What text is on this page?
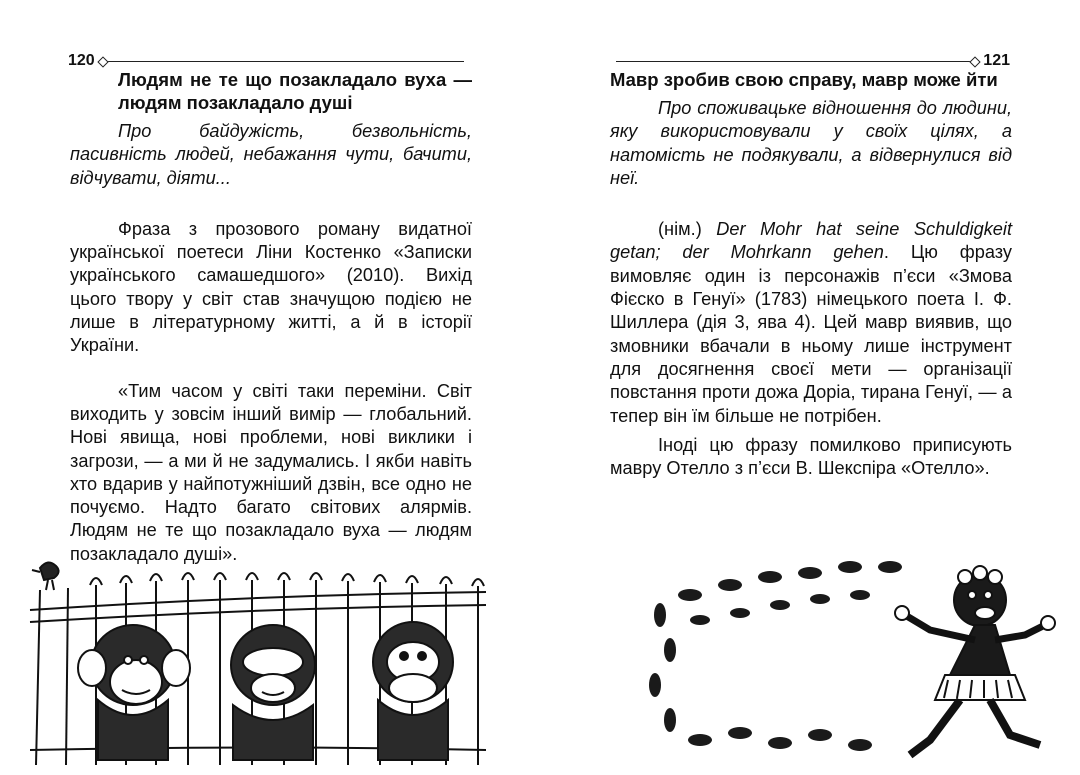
120

Людям не те що позакладало вуха — людям позакладало душі

Про байдужість, безвольність, пасивність людей, небажання чути, бачити, відчувати, діяти...

Фраза з прозового роману видатної української поетеси Ліни Костенко «Записки українського самашедшого» (2010). Вихід цього твору у світ став значущою подією не лише в літературному житті, а й в історії України.

«Тим часом у світі таки переміни. Світ виходить у зовсім інший вимір — глобальний. Нові явища, нові проблеми, нові виклики і загрози, — а ми й не задумались. І якби навіть хто вдарив у найпотужніший дзвін, все одно не почуємо. Надто багато світових алярмів. Людям не те що позакладало вуха — людям позакладало душі».

121

Мавр зробив свою справу, мавр може йти

Про споживацьке відношення до людини, яку використовували у своїх цілях, а натомість не подякували, а відвернулися від неї.

(нім.) Der Mohr hat seine Schuldigkeit getan; der Mohrkann gehen. Цю фразу вимовляє один із персонажів п’єси «Змова Фієско в Генуї» (1783) німецького поета І. Ф. Шиллера (дія 3, ява 4). Цей мавр виявив, що змовники вбачали в ньому лише інструмент для досягнення своєї мети — організації повстання проти дожа Доріа, тирана Генуї, — а тепер він їм більше не потрібен.

Іноді цю фразу помилково приписують мавру Отелло з п’єси В. Шекспіра «Отелло».
